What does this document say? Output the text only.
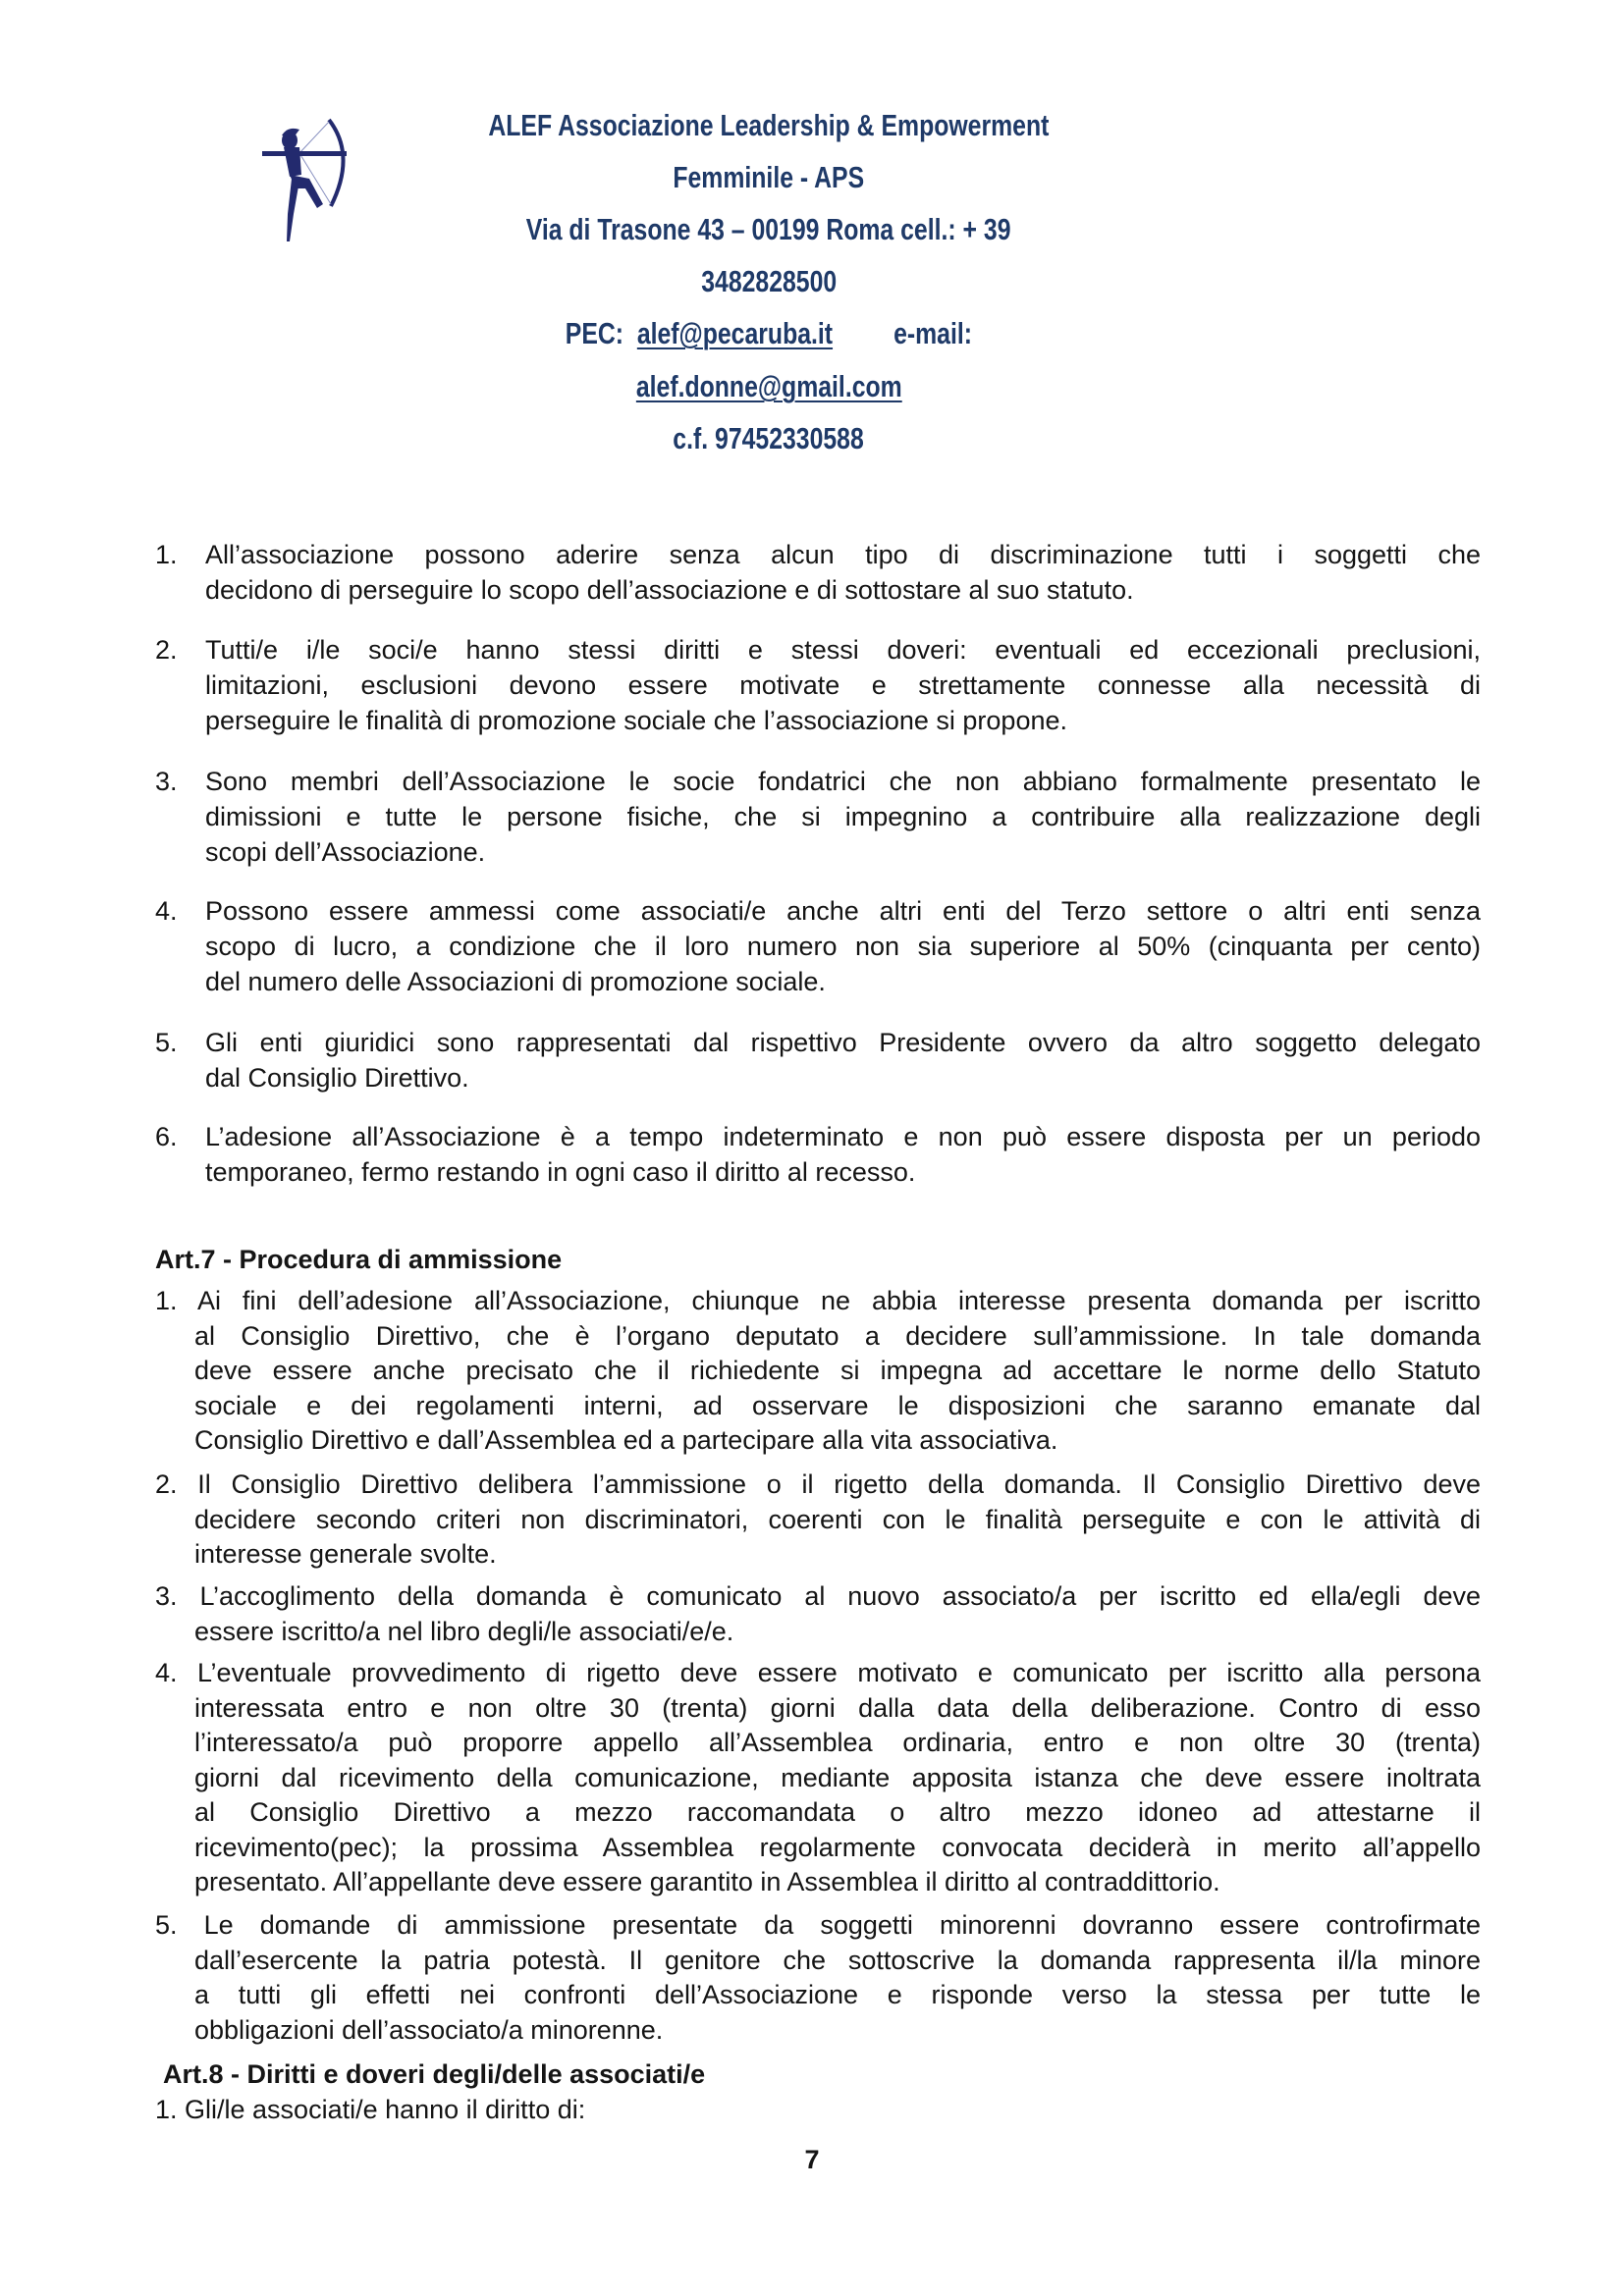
ALEF Associazione Leadership & Empowerment
Femminile - APS
Via di Trasone 43 – 00199 Roma cell.: + 39
3482828500
PEC: alef@pecaruba.it e-mail:
alef.donne@gmail.com
c.f. 97452330588
1. All’associazione possono aderire senza alcun tipo di discriminazione tutti i soggetti che
decidono di perseguire lo scopo dell’associazione e di sottostare al suo statuto.
2. Tutti/e i/le soci/e hanno stessi diritti e stessi doveri: eventuali ed eccezionali preclusioni,
limitazioni, esclusioni devono essere motivate e strettamente connesse alla necessità di
perseguire le finalità di promozione sociale che l’associazione si propone.
3. Sono membri dell’Associazione le socie fondatrici che non abbiano formalmente presentato le
dimissioni e tutte le persone fisiche, che si impegnino a contribuire alla realizzazione degli
scopi dell’Associazione.
4. Possono essere ammessi come associati/e anche altri enti del Terzo settore o altri enti senza
scopo di lucro, a condizione che il loro numero non sia superiore al 50% (cinquanta per cento)
del numero delle Associazioni di promozione sociale.
5. Gli enti giuridici sono rappresentati dal rispettivo Presidente ovvero da altro soggetto delegato
dal Consiglio Direttivo.
6. L’adesione all’Associazione è a tempo indeterminato e non può essere disposta per un periodo
temporaneo, fermo restando in ogni caso il diritto al recesso.
Art.7 - Procedura di ammissione
1. Ai fini dell’adesione all’Associazione, chiunque ne abbia interesse presenta domanda per iscritto
al Consiglio Direttivo, che è l’organo deputato a decidere sull’ammissione. In tale domanda
deve essere anche precisato che il richiedente si impegna ad accettare le norme dello Statuto
sociale e dei regolamenti interni, ad osservare le disposizioni che saranno emanate dal
Consiglio Direttivo e dall’Assemblea ed a partecipare alla vita associativa.
2. Il Consiglio Direttivo delibera l’ammissione o il rigetto della domanda. Il Consiglio Direttivo deve
decidere secondo criteri non discriminatori, coerenti con le finalità perseguite e con le attività di
interesse generale svolte.
3. L’accoglimento della domanda è comunicato al nuovo associato/a per iscritto ed ella/egli deve
essere iscritto/a nel libro degli/le associati/e/e.
4. L’eventuale provvedimento di rigetto deve essere motivato e comunicato per iscritto alla persona
interessata entro e non oltre 30 (trenta) giorni dalla data della deliberazione. Contro di esso
l’interessato/a può proporre appello all’Assemblea ordinaria, entro e non oltre 30 (trenta)
giorni dal ricevimento della comunicazione, mediante apposita istanza che deve essere inoltrata
al Consiglio Direttivo a mezzo raccomandata o altro mezzo idoneo ad attestarne il
ricevimento(pec); la prossima Assemblea regolarmente convocata deciderà in merito all’appello
presentato. All’appellante deve essere garantito in Assemblea il diritto al contraddittorio.
5. Le domande di ammissione presentate da soggetti minorenni dovranno essere controfirmate
dall’esercente la patria potestà. Il genitore che sottoscrive la domanda rappresenta il/la minore
a tutti gli effetti nei confronti dell’Associazione e risponde verso la stessa per tutte le
obbligazioni dell’associato/a minorenne.
Art.8 - Diritti e doveri degli/delle associati/e
1. Gli/le associati/e hanno il diritto di:
7
